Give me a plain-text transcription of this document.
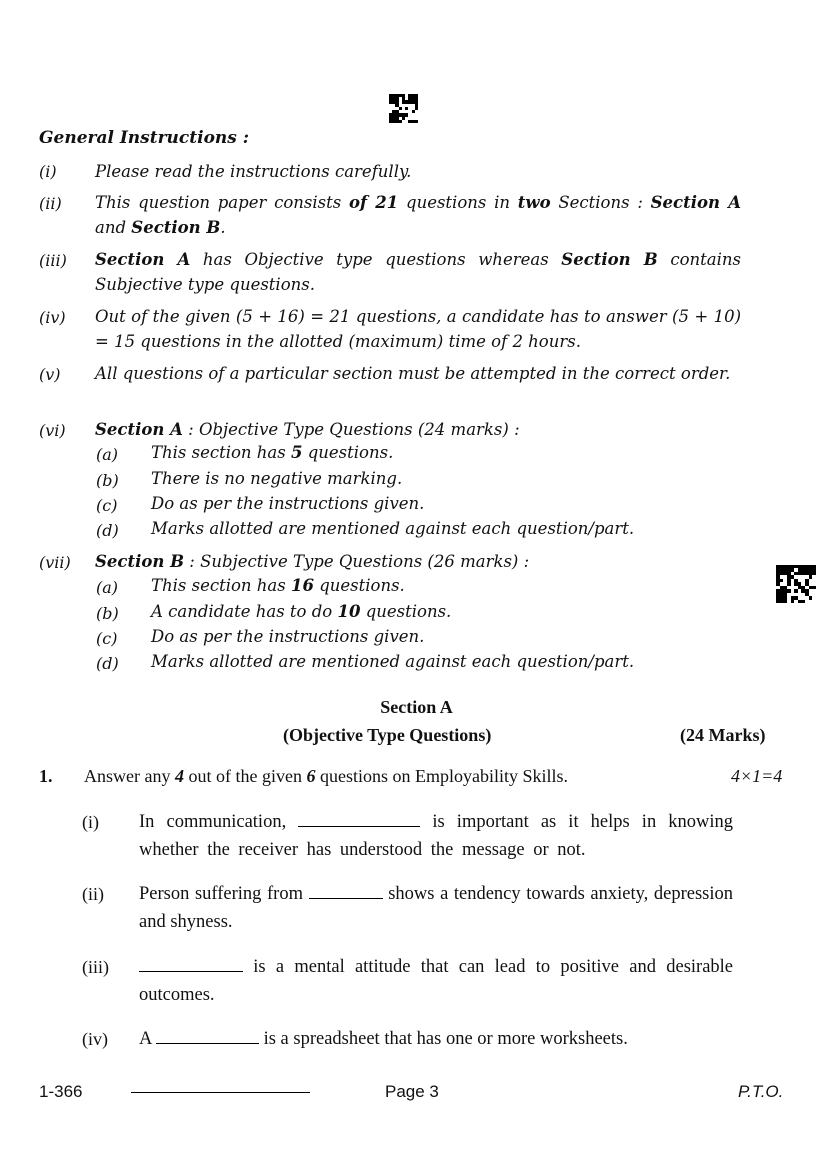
General Instructions :
(i) Please read the instructions carefully.
(ii) This question paper consists of 21 questions in two Sections : Section A and Section B.
(iii) Section A has Objective type questions whereas Section B contains Subjective type questions.
(iv) Out of the given (5 + 16) = 21 questions, a candidate has to answer (5 + 10) = 15 questions in the allotted (maximum) time of 2 hours.
(v) All questions of a particular section must be attempted in the correct order.
(vi) Section A : Objective Type Questions (24 marks) :
(a) This section has 5 questions.
(b) There is no negative marking.
(c) Do as per the instructions given.
(d) Marks allotted are mentioned against each question/part.
(vii) Section B : Subjective Type Questions (26 marks) :
(a) This section has 16 questions.
(b) A candidate has to do 10 questions.
(c) Do as per the instructions given.
(d) Marks allotted are mentioned against each question/part.
Section A
(Objective Type Questions)	(24 Marks)
1. Answer any 4 out of the given 6 questions on Employability Skills.	4×1=4
(i) In communication,	is important as it helps in knowing whether the receiver has understood the message or not.
(ii) Person suffering from	shows a tendency towards anxiety, depression and shyness.
(iii)	is a mental attitude that can lead to positive and desirable outcomes.
(iv) A	is a spreadsheet that has one or more worksheets.
1-366	Page 3	P.T.O.
